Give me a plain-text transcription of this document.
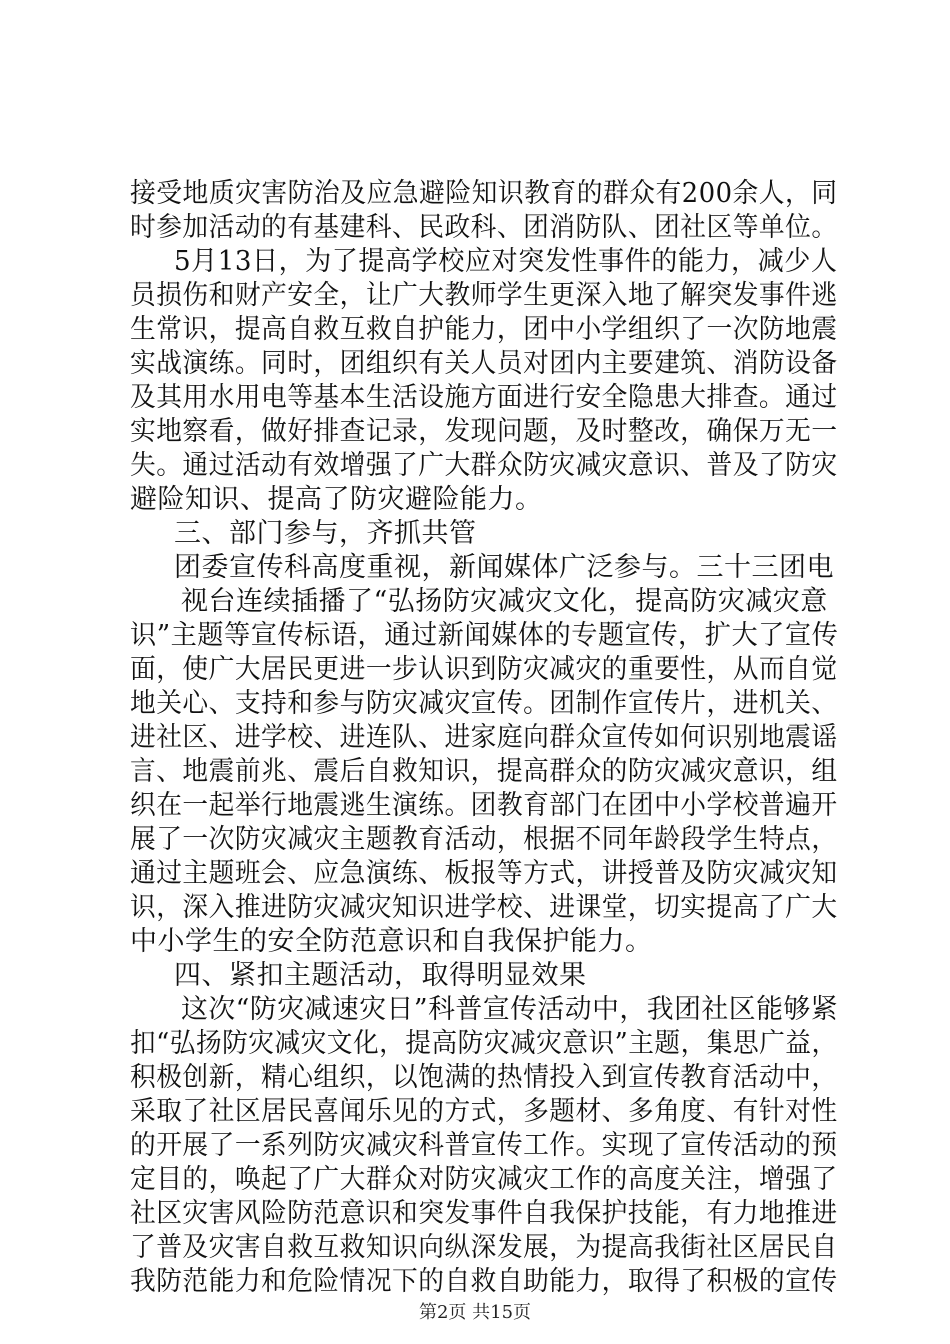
接受地质灾害防治及应急避险知识教育的群众有200余人，同
时参加活动的有基建科、民政科、团消防队、团社区等单位。
5月13日，为了提高学校应对突发性事件的能力，减少人
员损伤和财产安全，让广大教师学生更深入地了解突发事件逃
生常识，提高自救互救自护能力，团中小学组织了一次防地震
实战演练。同时，团组织有关人员对团内主要建筑、消防设备
及其用水用电等基本生活设施方面进行安全隐患大排查。通过
实地察看，做好排查记录，发现问题，及时整改，确保万无一
失。通过活动有效增强了广大群众防灾减灾意识、普及了防灾
避险知识、提高了防灾避险能力。
三、部门参与，齐抓共管
团委宣传科高度重视，新闻媒体广泛参与。三十三团电
视台连续插播了“弘扬防灾减灾文化，提高防灾减灾意
识”主题等宣传标语，通过新闻媒体的专题宣传，扩大了宣传
面，使广大居民更进一步认识到防灾减灾的重要性，从而自觉
地关心、支持和参与防灾减灾宣传。团制作宣传片，进机关、
进社区、进学校、进连队、进家庭向群众宣传如何识别地震谣
言、地震前兆、震后自救知识，提高群众的防灾减灾意识，组
织在一起举行地震逃生演练。团教育部门在团中小学校普遍开
展了一次防灾减灾主题教育活动，根据不同年龄段学生特点，
通过主题班会、应急演练、板报等方式，讲授普及防灾减灾知
识，深入推进防灾减灾知识进学校、进课堂，切实提高了广大
中小学生的安全防范意识和自我保护能力。
四、紧扣主题活动，取得明显效果
这次“防灾减速灾日”科普宣传活动中，我团社区能够紧
扣“弘扬防灾减灾文化，提高防灾减灾意识”主题，集思广益，
积极创新，精心组织，以饱满的热情投入到宣传教育活动中，
采取了社区居民喜闻乐见的方式，多题材、多角度、有针对性
的开展了一系列防灾减灾科普宣传工作。实现了宣传活动的预
定目的，唤起了广大群众对防灾减灾工作的高度关注，增强了
社区灾害风险防范意识和突发事件自我保护技能，有力地推进
了普及灾害自救互救知识向纵深发展，为提高我街社区居民自
我防范能力和危险情况下的自救自助能力，取得了积极的宣传
第2页 共15页
